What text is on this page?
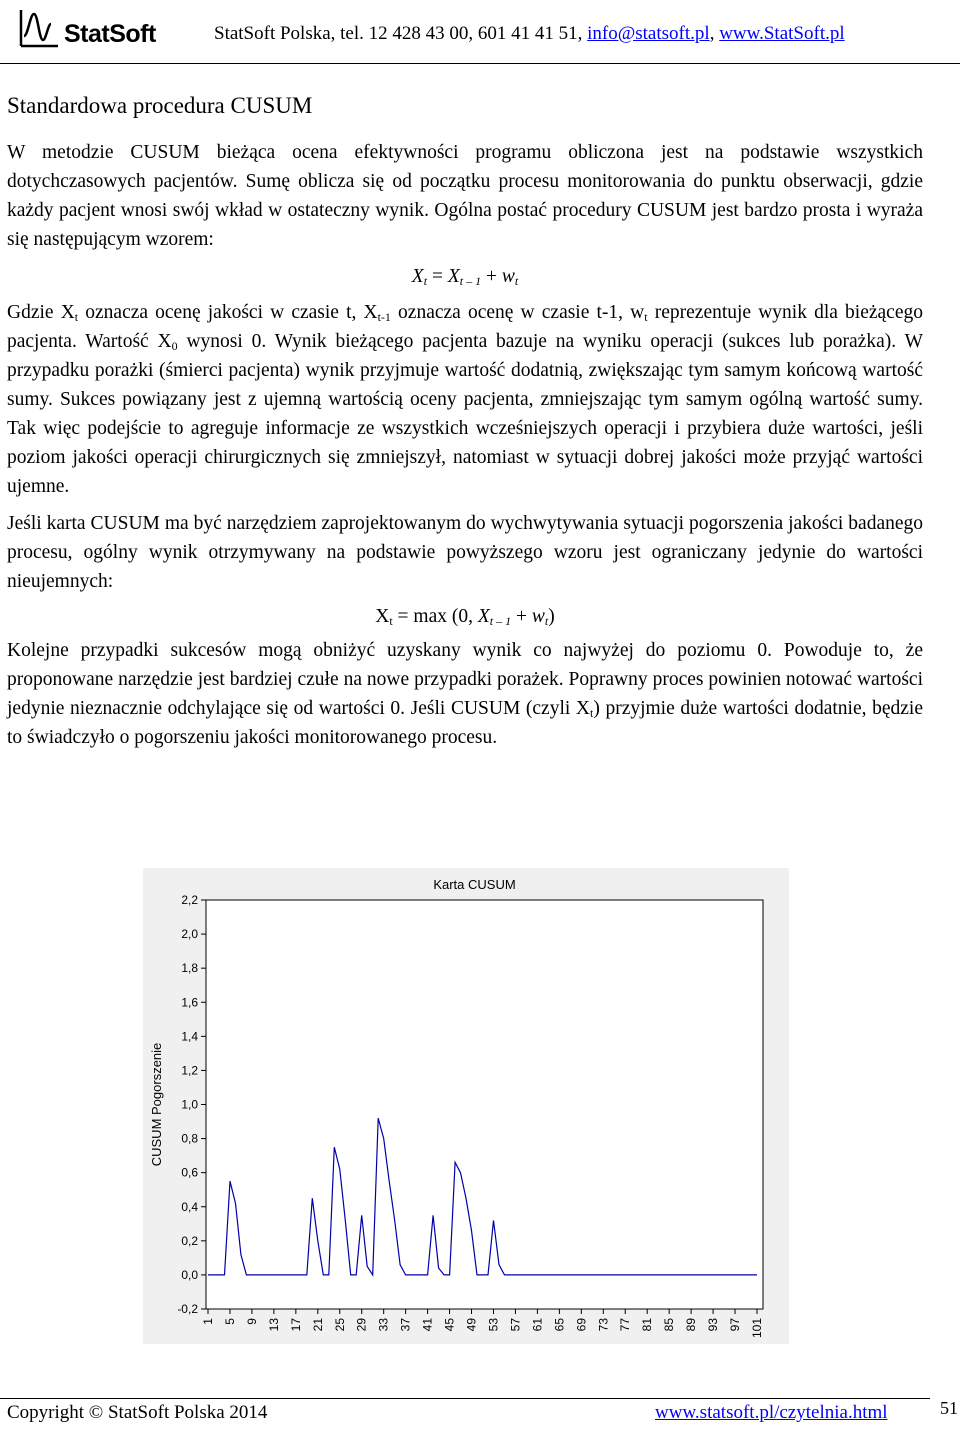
StatSoft	StatSoft Polska, tel. 12 428 43 00, 601 41 41 51, info@statsoft.pl, www.StatSoft.pl
Standardowa procedura CUSUM

W metodzie CUSUM bieżąca ocena efektywności programu obliczona jest na podstawie wszystkich dotychczasowych pacjentów. Sumę oblicza się od początku procesu monitorowania do punktu obserwacji, gdzie każdy pacjent wnosi swój wkład w ostateczny wynik. Ogólna postać procedury CUSUM jest bardzo prosta i wyraża się następującym wzorem:

$X_t = X_{t - 1} + w_t$

Gdzie $X_t$ oznacza ocenę jakości w czasie t, $X_{t-1}$ oznacza ocenę w czasie t-1, $w_t$ reprezentuje wynik dla bieżącego pacjenta. Wartość $X_0$ wynosi 0. Wynik bieżącego pacjenta bazuje na wyniku operacji (sukces lub porażka). W przypadku porażki (śmierci pacjenta) wynik przyjmuje wartość dodatnią, zwiększając tym samym końcową wartość sumy. Sukces powiązany jest z ujemną wartością oceny pacjenta, zmniejszając tym samym ogólną wartość sumy. Tak więc podejście to agreguje informacje ze wszystkich wcześniejszych operacji i przybiera duże wartości, jeśli poziom jakości operacji chirurgicznych się zmniejszył, natomiast w sytuacji dobrej jakości może przyjąć wartości ujemne.

Jeśli karta CUSUM ma być narzędziem zaprojektowanym do wychwytywania sytuacji pogorszenia jakości badanego procesu, ogólny wynik otrzymywany na podstawie powyższego wzoru jest ograniczany jedynie do wartości nieujemnych:

$X_t = \max (0$, $X_{t - 1} + w_t$)

Kolejne przypadki sukcesów mogą obniżyć uzyskany wynik co najwyżej do poziomu 0. Powoduje to, że proponowane narzędzie jest bardziej czułe na nowe przypadki porażek. Poprawny proces powinien notować wartości jedynie nieznacznie odchylające się od wartości 0. Jeśli CUSUM (czyli $X_t$) przyjmie duże wartości dodatnie, będzie to świadczyło o pogorszeniu jakości monitorowanego procesu.

Karta CUSUM
CUSUM Pogorszenie
-0,2
0,0
0,2
0,4
0,6
0,8
1,0
1,2
1,4
1,6
1,8
2,0
2,2
1 5 9 13 17 21 25 29 33 37 41 45 49 53 57 61 65 69 73 77 81 85 89 93 97 101
Copyright © StatSoft Polska 2014	www.statsoft.pl/czytelnia.html	51
